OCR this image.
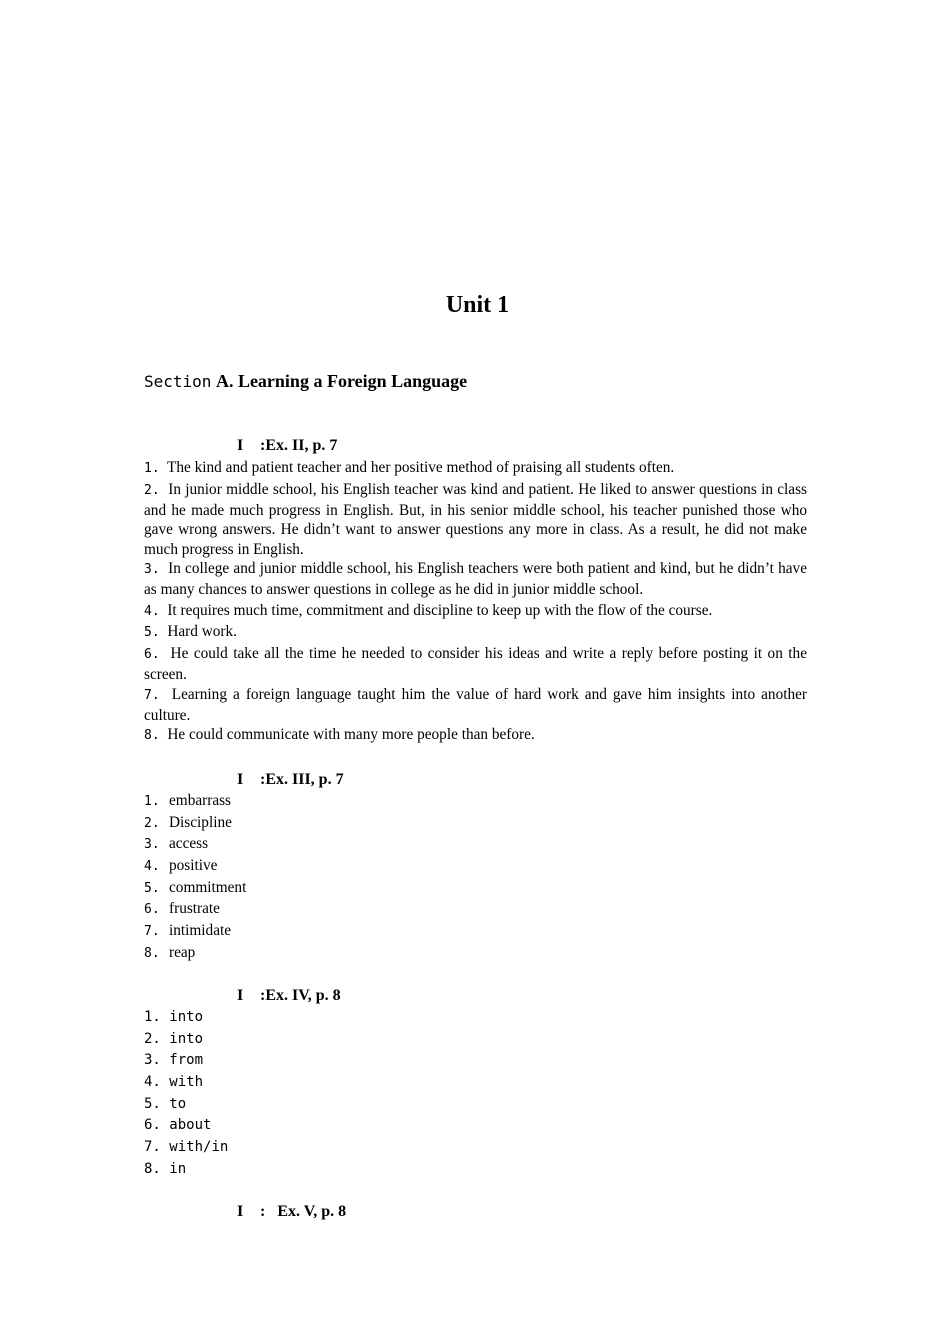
Unit 1
Section A. Learning a Foreign Language

I

:Ex. II, p. 7

1. The kind and patient teacher and her positive method of praising all students often.
2. In junior middle school, his English teacher was kind and patient. He liked to answer questions in class and he made much progress in English. But, in his senior middle school, his teacher punished those who gave wrong answers. He didn’t want to answer questions any more in class. As a result, he did not make much progress in English.
3. In college and junior middle school, his English teachers were both patient and kind, but he didn’t have as many chances to answer questions in college as he did in junior middle school.
4. It requires much time, commitment and discipline to keep up with the flow of the course.
5. Hard work.
6. He could take all the time he needed to consider his ideas and write a reply before posting it on the screen.
7. Learning a foreign language taught him the value of hard work and gave him insights into another culture.
8. He could communicate with many more people than before.

I

:Ex. III, p. 7

1. embarrass
2. Discipline
3. access
4. positive
5. commitment
6. frustrate
7. intimidate
8. reap

I

:Ex. IV, p. 8

1. into
2. into
3. from
4. with
5. to
6. about
7. with/in
8. in

I

:   Ex. V, p. 8
